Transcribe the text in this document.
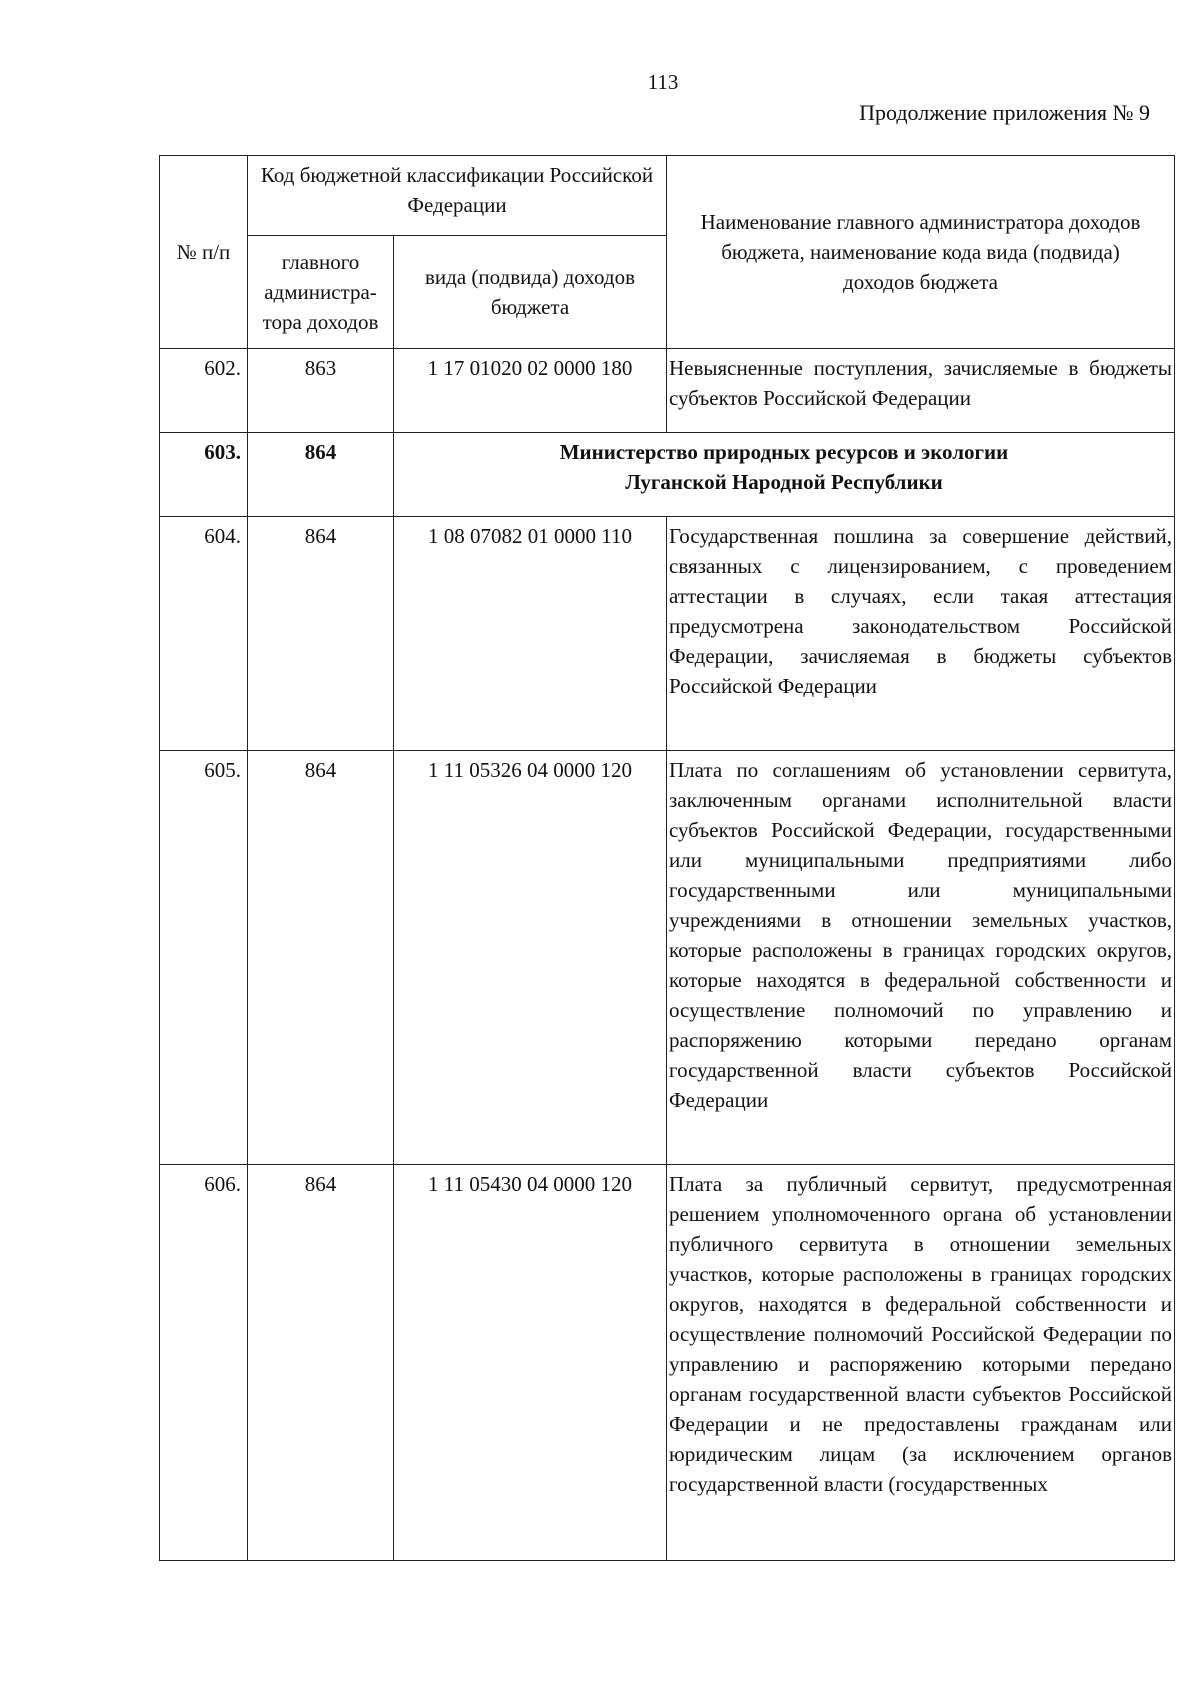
113
Продолжение приложения № 9
№ п/п	Код бюджетной классификации Российской Федерации		Наименование главного администратора доходов бюджета, наименование кода вида (подвида) доходов бюджета
	главного администра-тора доходов	вида (подвида) доходов бюджета	
602.	863	1 17 01020 02 0000 180	Невыясненные поступления, зачисляемые в бюджеты субъектов Российской Федерации
603.	864	Министерство природных ресурсов и экологии
Луганской Народной Республики	

604.	864	1 08 07082 01 0000 110	Государственная пошлина за совершение действий, связанных с лицензированием, с проведением аттестации в случаях, если такая аттестация предусмотрена законодательством Российской Федерации, зачисляемая в бюджеты субъектов Российской Федерации
605.	864	1 11 05326 04 0000 120	Плата по соглашениям об установлении сервитута, заключенным органами исполнительной власти субъектов Российской Федерации, государственными или муниципальными предприятиями либо государственными или муниципальными учреждениями в отношении земельных участков, которые расположены в границах городских округов, которые находятся в федеральной собственности и осуществление полномочий по управлению и распоряжению которыми передано органам государственной власти субъектов Российской Федерации
606.	864	1 11 05430 04 0000 120	Плата за публичный сервитут, предусмотренная решением уполномоченного органа об установлении публичного сервитута в отношении земельных участков, которые расположены в границах городских округов, находятся в федеральной собственности и осуществление полномочий Российской Федерации по управлению и распоряжению которыми передано органам государственной власти субъектов Российской Федерации и не предоставлены гражданам или юридическим лицам (за исключением органов государственной власти (государственных
